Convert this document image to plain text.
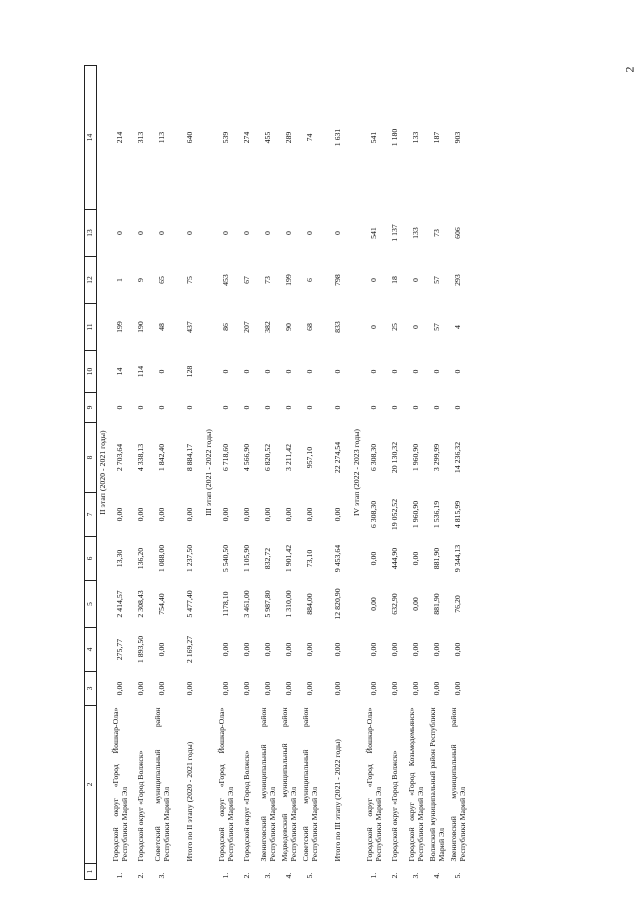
2
1	2	3	4	5	6	7	8	9	10	11	12	13	14
II этап (2020 - 2021 годы)													
1.	Городской округ «Город Йошкар-Ола» Республики Марий Эл	0,00	275,77	2 414,57	13,30	0,00	2 703,64	0	14	199	1	0	214
2.	Городской округ «Город Волжск»	0,00	1 893,50	2 308,43	136,20	0,00	4 338,13	0	114	190	9	0	313
3.	Советский муниципальный район Республики Марий Эл	0,00	0,00	754,40	1 088,00	0,00	1 842,40	0	0	48	65	0	113

	Итого по II этапу (2020 - 2021 годы)	0,00	2 169,27	5 477,40	1 237,50	0,00	8 884,17	0	128	437	75	0	640
III этап (2021 - 2022 годы)													
1.	Городской округ «Город Йошкар-Ола» Республики Марий Эл	0,00	0,00	1178,10	5 540,50	0,00	6 718,60	0	0	86	453	0	539
2.	Городской округ «Город Волжск»	0,00	0,00	3 461,00	1 105,90	0,00	4 566,90	0	0	207	67	0	274
3.	Звениговский муниципальный район Республики Марий Эл	0,00	0,00	5 987,80	832,72	0,00	6 820,52	0	0	382	73	0	455
4.	Медведевский муниципальный район Республики Марий Эл	0,00	0,00	1 310,00	1 901,42	0,00	3 211,42	0	0	90	199	0	289
5.	Советский муниципальный район Республики Марий Эл	0,00	0,00	884,00	73,10	0,00	957,10	0	0	68	6	0	74

	Итого по III этапу (2021 - 2022 годы)	0,00	0,00	12 820,90	9 453,64	0,00	22 274,54	0	0	833	798	0	1 631
IV этап (2022 - 2023 годы)													
1.	Городской округ «Город Йошкар-Ола» Республики Марий Эл	0,00	0,00	0,00	0,00	6 308,30	6 308,30	0	0	0	0	541	541
2.	Городской округ «Город Волжск»	0,00	0,00	632,90	444,90	19 052,52	20 130,32	0	0	25	18	1 137	1 180
3.	Городской округ «Город Козьмодемьянск» Республики Марий Эл	0,00	0,00	0,00	0,00	1 960,90	1 960,90	0	0	0	0	133	133
4.	Волжский муниципальный район Республики Марий Эл	0,00	0,00	881,90	881,90	1 536,19	3 299,99	0	0	57	57	73	187
5.	Звениговский муниципальный район Республики Марий Эл	0,00	0,00	76,20	9 344,13	4 815,99	14 236,32	0	0	4	293	606	903
